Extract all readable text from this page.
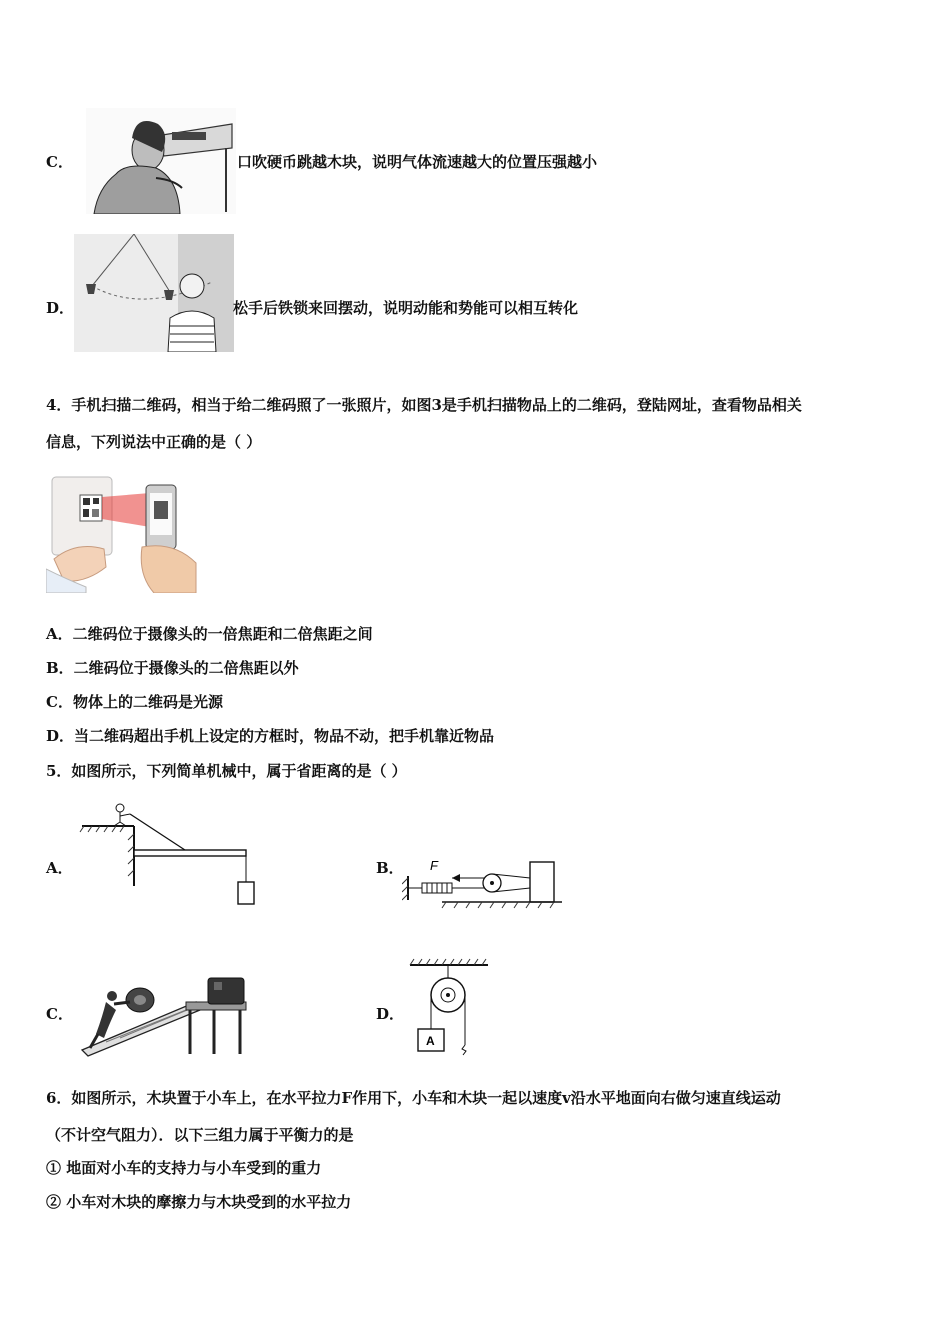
C．	口吹硬币跳越木块，说明气体流速越大的位置压强越小
D．	松手后铁锁来回摆动，说明动能和势能可以相互转化
4．手机扫描二维码，相当于给二维码照了一张照片，如图3是手机扫描物品上的二维码，登陆网址，查看物品相关
信息，下列说法中正确的是（ ）
A．二维码位于摄像头的一倍焦距和二倍焦距之间
B．二维码位于摄像头的二倍焦距以外
C．物体上的二维码是光源
D．当二维码超出手机上设定的方框时，物品不动，把手机靠近物品
5．如图所示，下列简单机械中，属于省距离的是（ ）
A．	B． F
C．	D．
A
6．如图所示，木块置于小车上，在水平拉力F作用下，小车和木块一起以速度v沿水平地面向右做匀速直线运动
（不计空气阻力）．以下三组力属于平衡力的是
① 地面对小车的支持力与小车受到的重力
② 小车对木块的摩擦力与木块受到的水平拉力
